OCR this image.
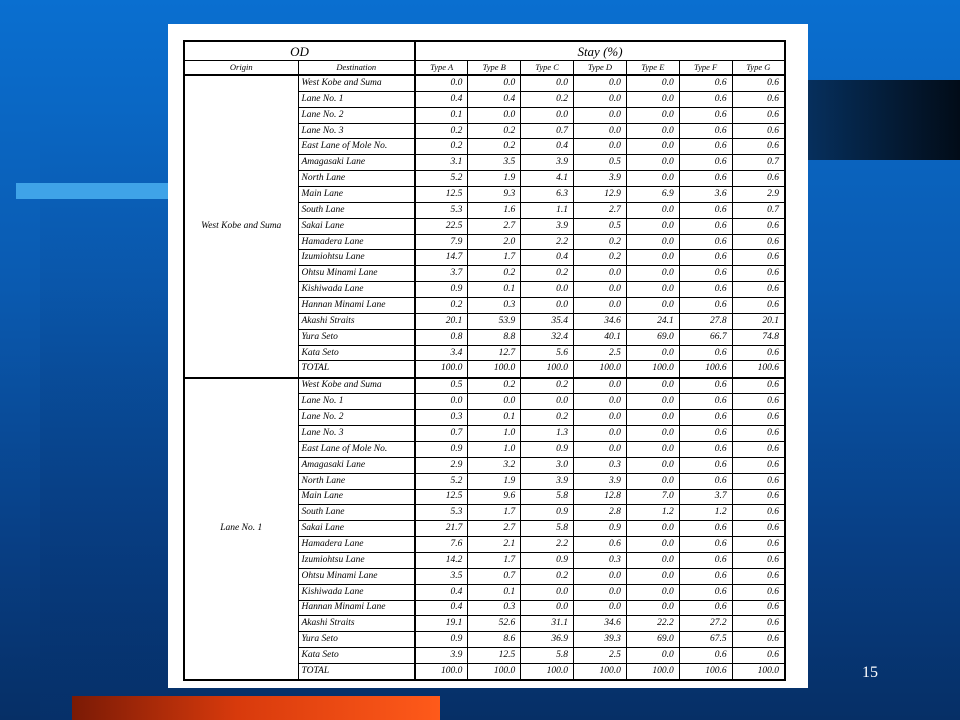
OD		Stay (%)						
Origin	Destination	Type A	Type B	Type C	Type D	Type E	Type F	Type G
West Kobe and Suma	West Kobe and Suma	0.0	0.0	0.0	0.0	0.0	0.6	0.6
	Lane No. 1	0.4	0.4	0.2	0.0	0.0	0.6	0.6
	Lane No. 2	0.1	0.0	0.0	0.0	0.0	0.6	0.6
	Lane No. 3	0.2	0.2	0.7	0.0	0.0	0.6	0.6
	East Lane of Mole No.	0.2	0.2	0.4	0.0	0.0	0.6	0.6
	Amagasaki Lane	3.1	3.5	3.9	0.5	0.0	0.6	0.7
	North Lane	5.2	1.9	4.1	3.9	0.0	0.6	0.6
	Main Lane	12.5	9.3	6.3	12.9	6.9	3.6	2.9
	South Lane	5.3	1.6	1.1	2.7	0.0	0.6	0.7
	Sakai Lane	22.5	2.7	3.9	0.5	0.0	0.6	0.6
	Hamadera Lane	7.9	2.0	2.2	0.2	0.0	0.6	0.6
	Izumiohtsu Lane	14.7	1.7	0.4	0.2	0.0	0.6	0.6
	Ohtsu Minami Lane	3.7	0.2	0.2	0.0	0.0	0.6	0.6
	Kishiwada Lane	0.9	0.1	0.0	0.0	0.0	0.6	0.6
	Hannan Minami Lane	0.2	0.3	0.0	0.0	0.0	0.6	0.6
	Akashi Straits	20.1	53.9	35.4	34.6	24.1	27.8	20.1
	Yura Seto	0.8	8.8	32.4	40.1	69.0	66.7	74.8
	Kata Seto	3.4	12.7	5.6	2.5	0.0	0.6	0.6
	TOTAL	100.0	100.0	100.0	100.0	100.0	100.6	100.6
Lane No. 1	West Kobe and Suma	0.5	0.2	0.2	0.0	0.0	0.6	0.6
	Lane No. 1	0.0	0.0	0.0	0.0	0.0	0.6	0.6
	Lane No. 2	0.3	0.1	0.2	0.0	0.0	0.6	0.6
	Lane No. 3	0.7	1.0	1.3	0.0	0.0	0.6	0.6
	East Lane of Mole No.	0.9	1.0	0.9	0.0	0.0	0.6	0.6
	Amagasaki Lane	2.9	3.2	3.0	0.3	0.0	0.6	0.6
	North Lane	5.2	1.9	3.9	3.9	0.0	0.6	0.6
	Main Lane	12.5	9.6	5.8	12.8	7.0	3.7	0.6
	South Lane	5.3	1.7	0.9	2.8	1.2	1.2	0.6
	Sakai Lane	21.7	2.7	5.8	0.9	0.0	0.6	0.6
	Hamadera Lane	7.6	2.1	2.2	0.6	0.0	0.6	0.6
	Izumiohtsu Lane	14.2	1.7	0.9	0.3	0.0	0.6	0.6
	Ohtsu Minami Lane	3.5	0.7	0.2	0.0	0.0	0.6	0.6
	Kishiwada Lane	0.4	0.1	0.0	0.0	0.0	0.6	0.6
	Hannan Minami Lane	0.4	0.3	0.0	0.0	0.0	0.6	0.6
	Akashi Straits	19.1	52.6	31.1	34.6	22.2	27.2	0.6
	Yura Seto	0.9	8.6	36.9	39.3	69.0	67.5	0.6
	Kata Seto	3.9	12.5	5.8	2.5	0.0	0.6	0.6
	TOTAL	100.0	100.0	100.0	100.0	100.0	100.6	100.0	15
